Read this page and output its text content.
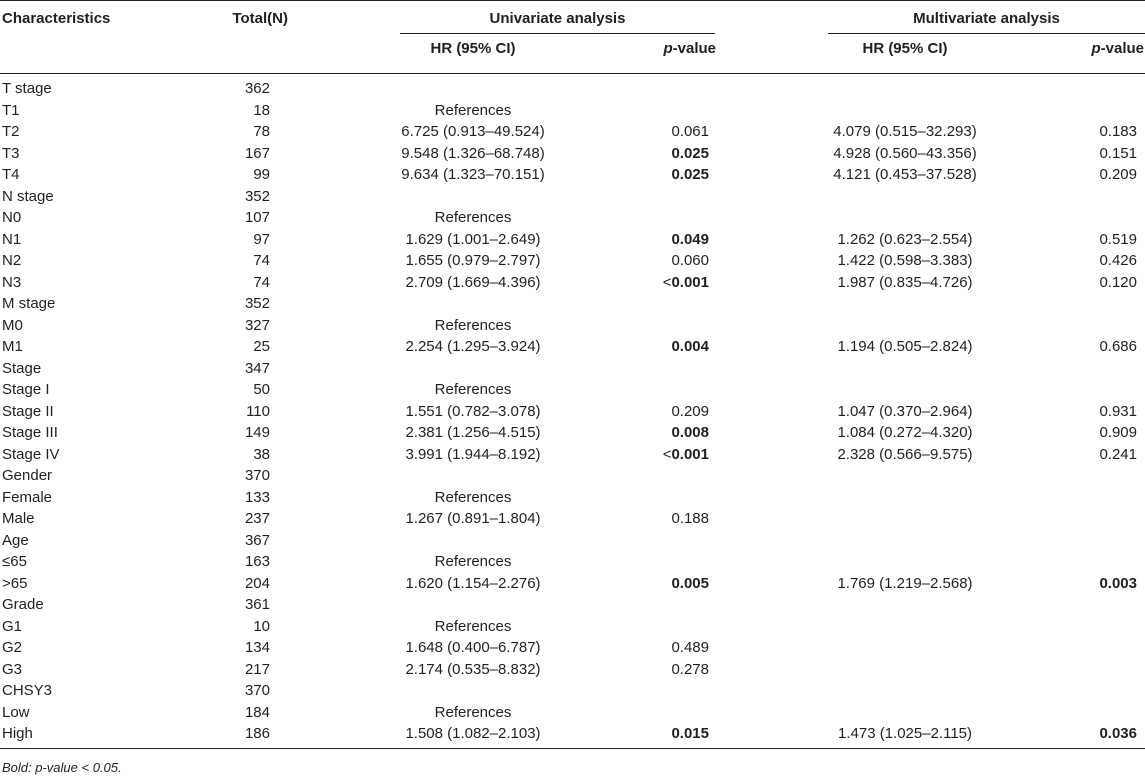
Characteristics	Total(N)	Univariate analysis	Multivariate analysis
HR (95% CI)	p-value	HR (95% CI)	p-value
T stage	362
T1	18	References
T2	78	6.725 (0.913–49.524)	0.061	4.079 (0.515–32.293)	0.183
T3	167	9.548 (1.326–68.748)	0.025	4.928 (0.560–43.356)	0.151
T4	99	9.634 (1.323–70.151)	0.025	4.121 (0.453–37.528)	0.209
N stage	352
N0	107	References
N1	97	1.629 (1.001–2.649)	0.049	1.262 (0.623–2.554)	0.519
N2	74	1.655 (0.979–2.797)	0.060	1.422 (0.598–3.383)	0.426
N3	74	2.709 (1.669–4.396)	<0.001	1.987 (0.835–4.726)	0.120
M stage	352
M0	327	References
M1	25	2.254 (1.295–3.924)	0.004	1.194 (0.505–2.824)	0.686
Stage	347
Stage I	50	References
Stage II	110	1.551 (0.782–3.078)	0.209	1.047 (0.370–2.964)	0.931
Stage III	149	2.381 (1.256–4.515)	0.008	1.084 (0.272–4.320)	0.909
Stage IV	38	3.991 (1.944–8.192)	<0.001	2.328 (0.566–9.575)	0.241
Gender	370
Female	133	References
Male	237	1.267 (0.891–1.804)	0.188
Age	367
≤65	163	References
>65	204	1.620 (1.154–2.276)	0.005	1.769 (1.219–2.568)	0.003
Grade	361
G1	10	References
G2	134	1.648 (0.400–6.787)	0.489
G3	217	2.174 (0.535–8.832)	0.278
CHSY3	370
Low	184	References
High	186	1.508 (1.082–2.103)	0.015	1.473 (1.025–2.115)	0.036
Bold: p-value < 0.05.
